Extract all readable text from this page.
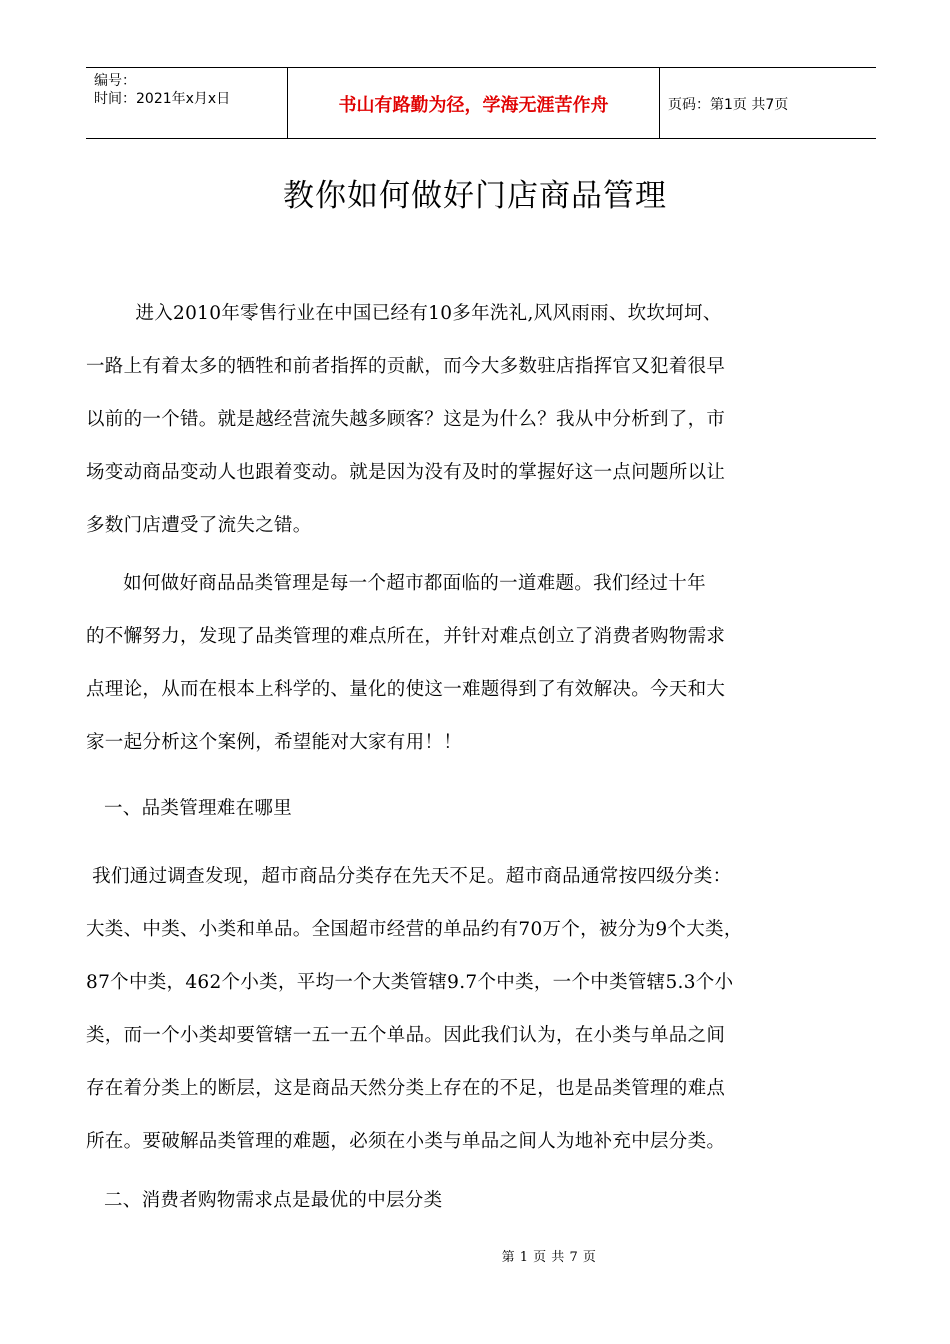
编号：
时间：2021年x月x日	书山有路勤为径，学海无涯苦作舟	页码：第1页 共7页
教你如何做好门店商品管理

进入2010年零售行业在中国已经有10多年洗礼,风风雨雨、坎坎坷坷、

一路上有着太多的牺牲和前者指挥的贡献，而今大多数驻店指挥官又犯着很早

以前的一个错。就是越经营流失越多顾客？这是为什么？我从中分析到了，市

场变动商品变动人也跟着变动。就是因为没有及时的掌握好这一点问题所以让

多数门店遭受了流失之错。

如何做好商品品类管理是每一个超市都面临的一道难题。我们经过十年

的不懈努力，发现了品类管理的难点所在，并针对难点创立了消费者购物需求

点理论，从而在根本上科学的、量化的使这一难题得到了有效解决。今天和大

家一起分析这个案例，希望能对大家有用！！

一、品类管理难在哪里

我们通过调查发现，超市商品分类存在先天不足。超市商品通常按四级分类：

大类、中类、小类和单品。全国超市经营的单品约有70万个，被分为9个大类，

87个中类，462个小类，平均一个大类管辖9.7个中类，一个中类管辖5.3个小

类，而一个小类却要管辖一五一五个单品。因此我们认为，在小类与单品之间

存在着分类上的断层，这是商品天然分类上存在的不足，也是品类管理的难点

所在。要破解品类管理的难题，必须在小类与单品之间人为地补充中层分类。

二、消费者购物需求点是最优的中层分类
第 1 页 共 7 页
